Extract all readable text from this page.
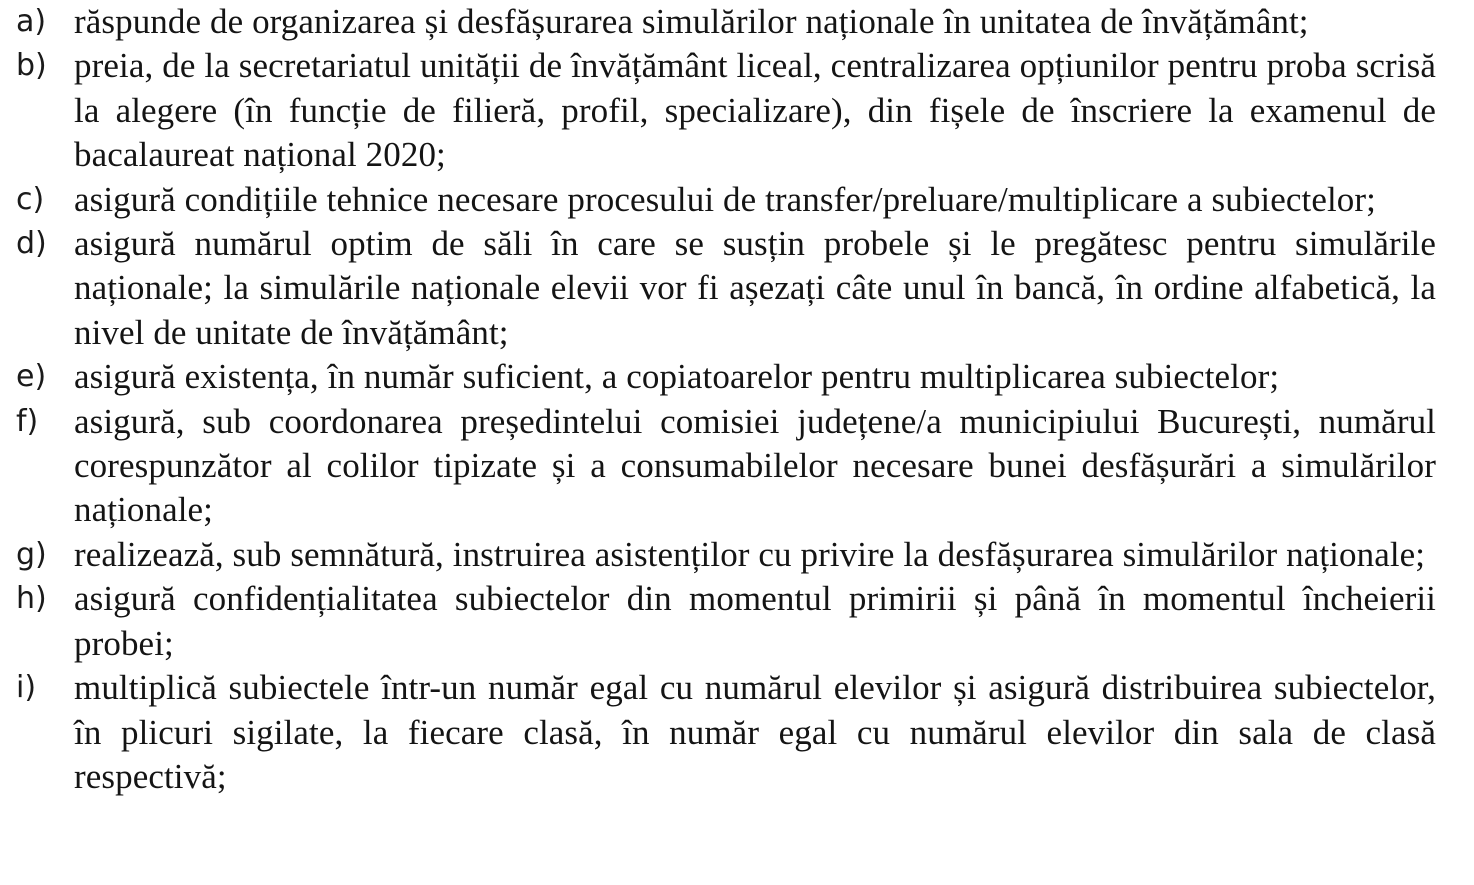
a) răspunde de organizarea și desfășurarea simulărilor naționale în unitatea de învățământ;
b) preia, de la secretariatul unității de învățământ liceal, centralizarea opțiunilor pentru proba scrisă la alegere (în funcție de filieră, profil, specializare), din fișele de înscriere la examenul de bacalaureat național 2020;
c) asigură condițiile tehnice necesare procesului de transfer/preluare/multiplicare a subiectelor;
d) asigură numărul optim de săli în care se susțin probele și le pregătesc pentru simulările naționale; la simulările naționale elevii vor fi așezați câte unul în bancă, în ordine alfabetică, la nivel de unitate de învățământ;
e) asigură existența, în număr suficient, a copiatoarelor pentru multiplicarea subiectelor;
f)	asigură, sub coordonarea președintelui comisiei județene/a municipiului București, numărul corespunzător al colilor tipizate și a consumabilelor necesare bunei desfășurări a simulărilor naționale;
g) realizează, sub semnătură, instruirea asistenților cu privire la desfășurarea simulărilor naționale;
h) asigură confidențialitatea subiectelor din momentul primirii și până în momentul încheierii probei;
i)	multiplică subiectele într-un număr egal cu numărul elevilor și asigură distribuirea subiectelor, în plicuri sigilate, la fiecare clasă, în număr egal cu numărul elevilor din sala de clasă respectivă;
